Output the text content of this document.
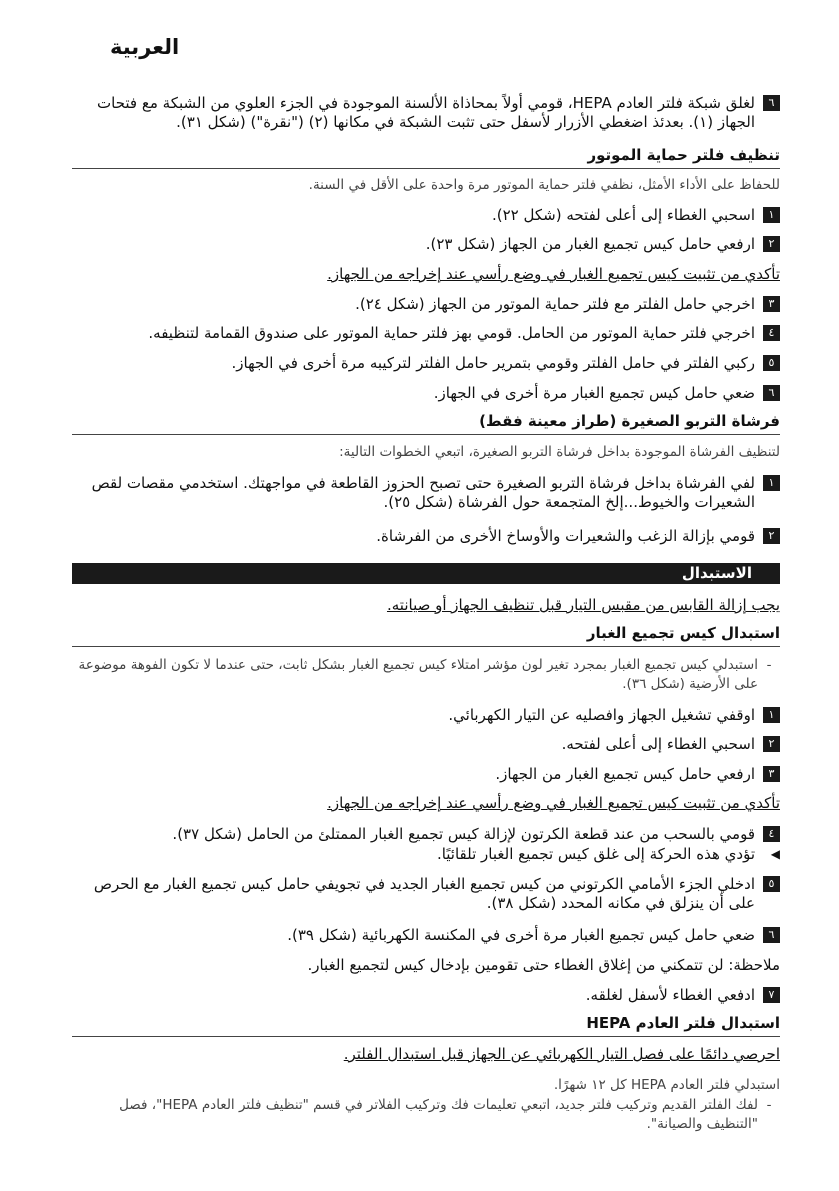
العربية
٦
لغلق شبكة فلتر العادم HEPA، قومي أولاً بمحاذاة الألسنة الموجودة في الجزء العلوي من الشبكة مع فتحات الجهاز (١). بعدئذ اضغطي الأزرار لأسفل حتى تثبت الشبكة في مكانها (٢) ("نقرة") (شكل ٣١).
تنظيف فلتر حماية الموتور
للحفاظ على الأداء الأمثل، نظفي فلتر حماية الموتور مرة واحدة على الأقل في السنة.
١
اسحبي الغطاء إلى أعلى لفتحه (شكل ٢٢).
٢
ارفعي حامل كيس تجميع الغبار من الجهاز (شكل ٢٣).
تأكدي من تثبيت كيس تجميع الغبار في وضع رأسي عند إخراجه من الجهاز.
٣
اخرجي حامل الفلتر مع فلتر حماية الموتور من الجهاز (شكل ٢٤).
٤
اخرجي فلتر حماية الموتور من الحامل. قومي بهز فلتر حماية الموتور على صندوق القمامة لتنظيفه.
٥
ركبي الفلتر في حامل الفلتر وقومي بتمرير حامل الفلتر لتركيبه مرة أخرى في الجهاز.
٦
ضعي حامل كيس تجميع الغبار مرة أخرى في الجهاز.
فرشاة التربو الصغيرة (طراز معينة فقط)
لتنظيف الفرشاة الموجودة بداخل فرشاة التربو الصغيرة، اتبعي الخطوات التالية:
١
لفي الفرشاة بداخل فرشاة التربو الصغيرة حتى تصبح الحزوز القاطعة في مواجهتك. استخدمي مقصات لقص الشعيرات والخيوط...إلخ المتجمعة حول الفرشاة (شكل ٢٥).
٢
قومي بإزالة الزغب والشعيرات والأوساخ الأخرى من الفرشاة.
الاستبدال
يجب إزالة القابس من مقبس التيار قبل تنظيف الجهاز أو صيانته.
استبدال كيس تجميع الغبار
-
استبدلي كيس تجميع الغبار بمجرد تغير لون مؤشر امتلاء كيس تجميع الغبار بشكل ثابت، حتى عندما لا تكون الفوهة موضوعة على الأرضية (شكل ٣٦).
١
اوقفي تشغيل الجهاز وافصليه عن التيار الكهربائي.
٢
اسحبي الغطاء إلى أعلى لفتحه.
٣
ارفعي حامل كيس تجميع الغبار من الجهاز.
تأكدي من تثبيت كيس تجميع الغبار في وضع رأسي عند إخراجه من الجهاز.
٤
قومي بالسحب من عند قطعة الكرتون لإزالة كيس تجميع الغبار الممتلئ من الحامل (شكل ٣٧).
◀
تؤدي هذه الحركة إلى غلق كيس تجميع الغبار تلقائيًا.
٥
ادخلي الجزء الأمامي الكرتوني من كيس تجميع الغبار الجديد في تجويفي حامل كيس تجميع الغبار مع الحرص على أن ينزلق في مكانه المحدد (شكل ٣٨).
٦
ضعي حامل كيس تجميع الغبار مرة أخرى في المكنسة الكهربائية (شكل ٣٩).
ملاحظة: لن تتمكني من إغلاق الغطاء حتى تقومين بإدخال كيس لتجميع الغبار.
٧
ادفعي الغطاء لأسفل لغلقه.
استبدال فلتر العادم HEPA
احرصي دائمًا على فصل التيار الكهربائي عن الجهاز قبل استبدال الفلتر.
استبدلي فلتر العادم HEPA كل ١٢ شهرًا.
-
لفك الفلتر القديم وتركيب فلتر جديد، اتبعي تعليمات فك وتركيب الفلاتر في قسم "تنظيف فلتر العادم HEPA"، فصل "التنظيف والصيانة".
